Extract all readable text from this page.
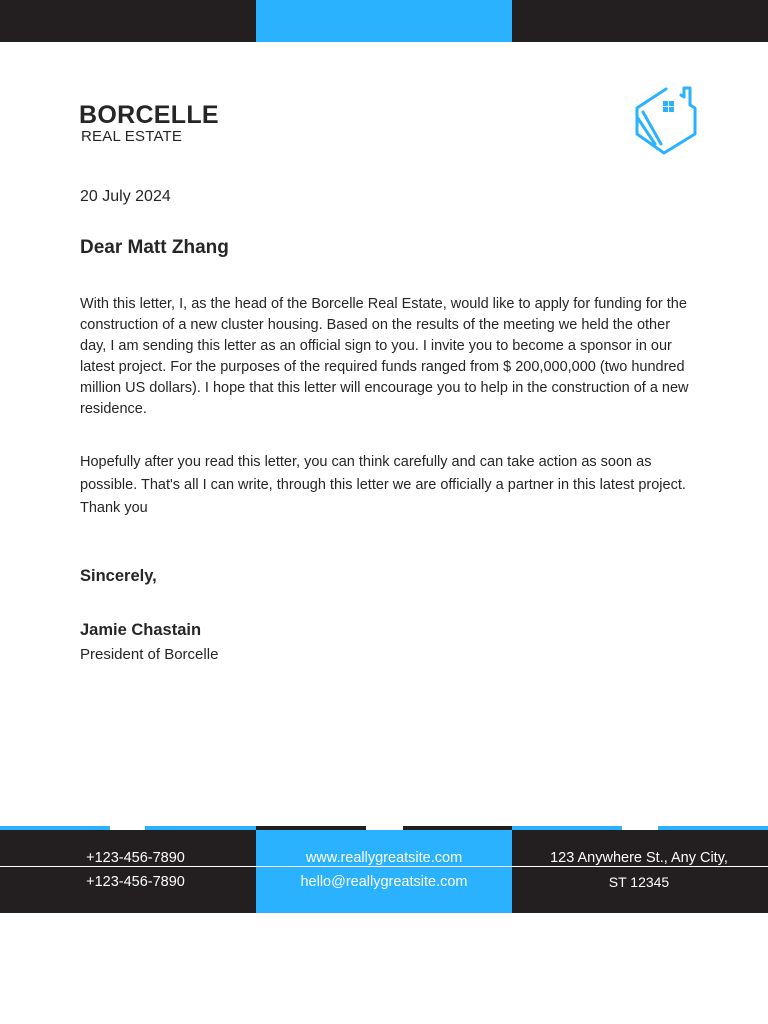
BORCELLE
REAL ESTATE
20 July 2024
Dear Matt Zhang
With this letter, I, as the head of the Borcelle Real Estate, would like to apply for funding for the construction of a new cluster housing. Based on the results of the meeting we held the other day, I am sending this letter as an official sign to you. I invite you to become a sponsor in our latest project. For the purposes of the required funds ranged from $ 200,000,000 (two hundred million US dollars). I hope that this letter will encourage you to help in the construction of a new residence.
Hopefully after you read this letter, you can think carefully and can take action as soon as possible. That's all I can write, through this letter we are officially a partner in this latest project. Thank you
Sincerely,
Jamie Chastain
President of Borcelle
+123-456-7890
+123-456-7890
www.reallygreatsite.com
hello@reallygreatsite.com
123 Anywhere St., Any City,
ST 12345
